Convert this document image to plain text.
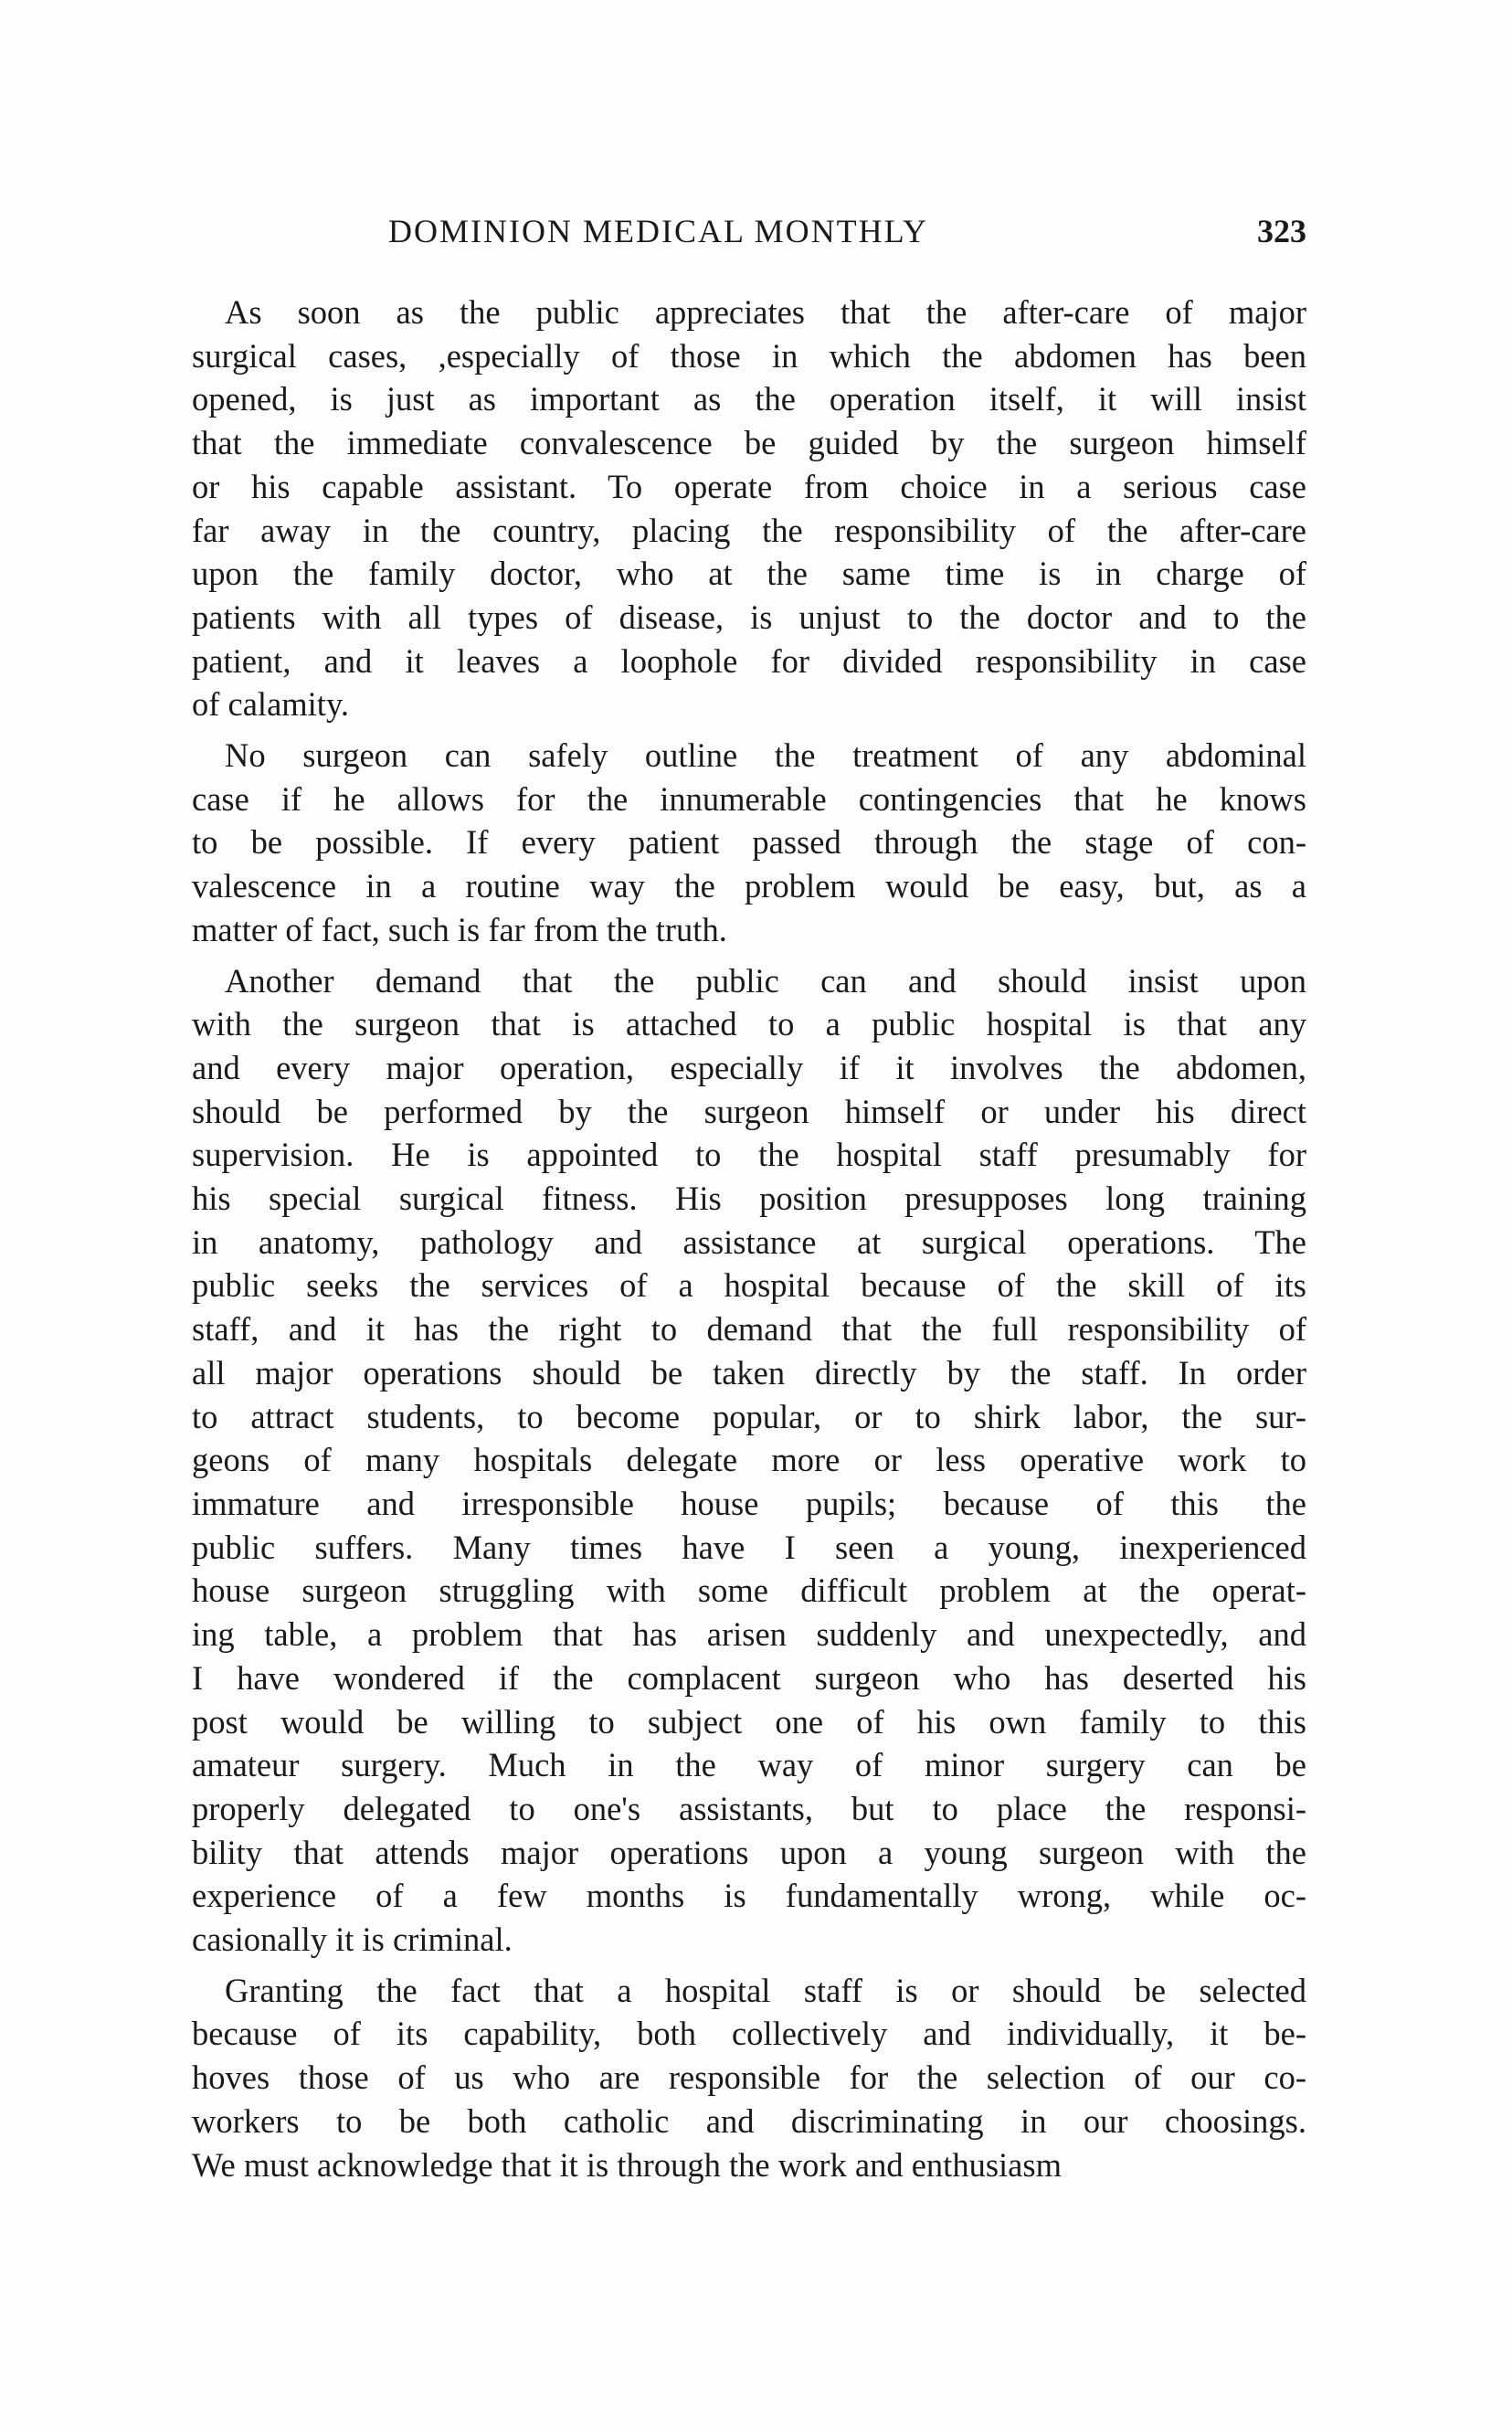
DOMINION MEDICAL MONTHLY	323
As soon as the public appreciates that the after-care of major
surgical cases, ,especially of those in which the abdomen has been
opened, is just as important as the operation itself, it will insist
that the immediate convalescence be guided by the surgeon himself
or his capable assistant. To operate from choice in a serious case
far away in the country, placing the responsibility of the after-care
upon the family doctor, who at the same time is in charge of
patients with all types of disease, is unjust to the doctor and to the
patient, and it leaves a loophole for divided responsibility in case
of calamity.
No surgeon can safely outline the treatment of any abdominal
case if he allows for the innumerable contingencies that he knows
to be possible. If every patient passed through the stage of con-
valescence in a routine way the problem would be easy, but, as a
matter of fact, such is far from the truth.
Another demand that the public can and should insist upon
with the surgeon that is attached to a public hospital is that any
and every major operation, especially if it involves the abdomen,
should be performed by the surgeon himself or under his direct
supervision. He is appointed to the hospital staff presumably for
his special surgical fitness. His position presupposes long training
in anatomy, pathology and assistance at surgical operations. The
public seeks the services of a hospital because of the skill of its
staff, and it has the right to demand that the full responsibility of
all major operations should be taken directly by the staff. In order
to attract students, to become popular, or to shirk labor, the sur-
geons of many hospitals delegate more or less operative work to
immature and irresponsible house pupils; because of this the
public suffers. Many times have I seen a young, inexperienced
house surgeon struggling with some difficult problem at the operat-
ing table, a problem that has arisen suddenly and unexpectedly, and
I have wondered if the complacent surgeon who has deserted his
post would be willing to subject one of his own family to this
amateur surgery. Much in the way of minor surgery can be
properly delegated to one's assistants, but to place the responsi-
bility that attends major operations upon a young surgeon with the
experience of a few months is fundamentally wrong, while oc-
casionally it is criminal.
Granting the fact that a hospital staff is or should be selected
because of its capability, both collectively and individually, it be-
hoves those of us who are responsible for the selection of our co-
workers to be both catholic and discriminating in our choosings.
We must acknowledge that it is through the work and enthusiasm
